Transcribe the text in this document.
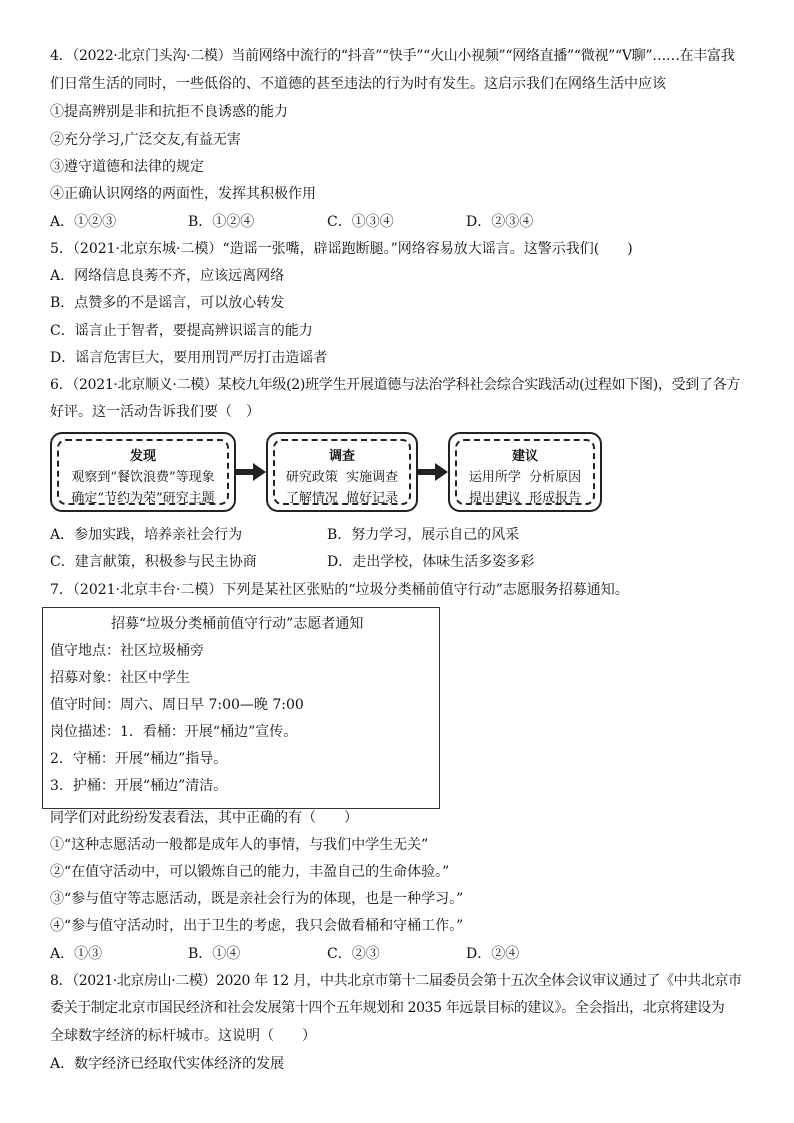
4．（2022·北京门头沟·二模）当前网络中流行的“抖音”“快手”“火山小视频”“网络直播”“微视”“V聊”……在丰富我
们日常生活的同时，一些低俗的、不道德的甚至违法的行为时有发生。这启示我们在网络生活中应该
①提高辨别是非和抗拒不良诱惑的能力
②充分学习,广泛交友,有益无害
③遵守道德和法律的规定
④正确认识网络的两面性，发挥其积极作用
A．①②③	B．①②④	C．①③④	D．②③④
5．（2021·北京东城·二模）“造谣一张嘴，辟谣跑断腿。”网络容易放大谣言。这警示我们(　　)
A．网络信息良莠不齐，应该远离网络
B．点赞多的不是谣言，可以放心转发
C．谣言止于智者，要提高辨识谣言的能力
D．谣言危害巨大，要用刑罚严厉打击造谣者
6．（2021·北京顺义·二模）某校九年级(2)班学生开展道德与法治学科社会综合实践活动(过程如下图)，受到了各方
好评。这一活动告诉我们要（　）
发现
观察到“餐饮浪费”等现象
确定“节约为荣”研究主题
调查
研究政策  实施调查
了解情况  做好记录
建议
运用所学  分析原因
提出建议  形成报告
A．参加实践，培养亲社会行为	B．努力学习，展示自己的风采
C．建言献策，积极参与民主协商	D．走出学校，体味生活多姿多彩
7．（2021·北京丰台·二模）下列是某社区张贴的“垃圾分类桶前值守行动”志愿服务招募通知。
招募“垃圾分类桶前值守行动”志愿者通知
值守地点：社区垃圾桶旁
招募对象：社区中学生
值守时间：周六、周日早 7:00—晚 7:00
岗位描述：1．看桶：开展“桶边”宣传。
2．守桶：开展“桶边”指导。
3．护桶：开展“桶边”清洁。
同学们对此纷纷发表看法，其中正确的有（　　）
①“这种志愿活动一般都是成年人的事情，与我们中学生无关”
②“在值守活动中，可以锻炼自己的能力，丰盈自己的生命体验。”
③“参与值守等志愿活动，既是亲社会行为的体现，也是一种学习。”
④“参与值守活动时，出于卫生的考虑，我只会做看桶和守桶工作。”
A．①③	B．①④	C．②③	D．②④
8．（2021·北京房山·二模）2020 年 12 月，中共北京市第十二届委员会第十五次全体会议审议通过了《中共北京市
委关于制定北京市国民经济和社会发展第十四个五年规划和 2035 年远景目标的建议》。全会指出，北京将建设为
全球数字经济的标杆城市。这说明（　　）
A．数字经济已经取代实体经济的发展
